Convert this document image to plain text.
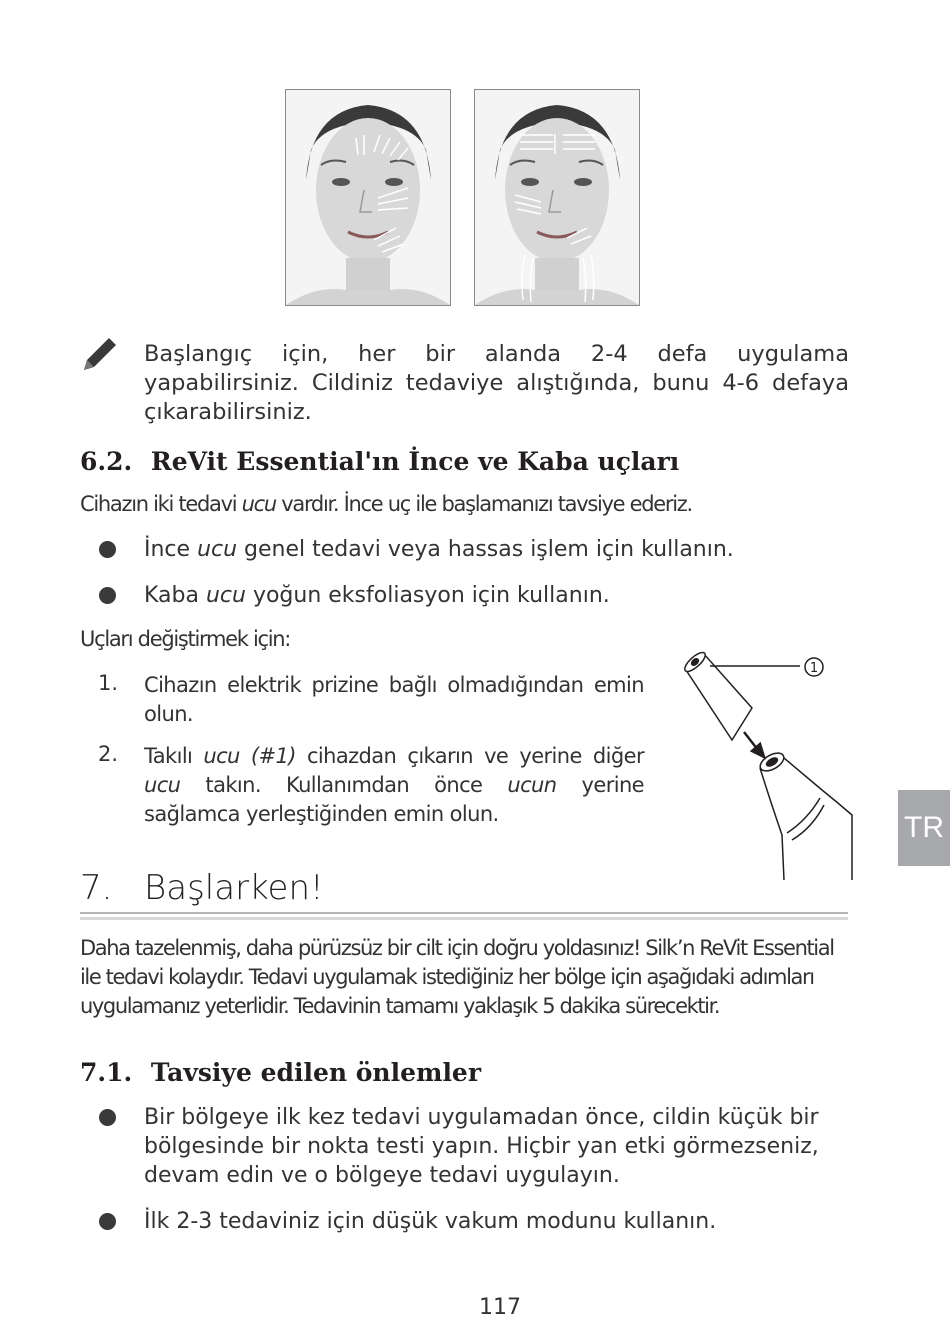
Başlangıç için, her bir alanda 2-4 defa uygulama yapabilirsiniz. Cildiniz tedaviye alıştığında, bunu 4-6 defaya çıkarabilirsiniz.
6.2. ReVit Essential'ın İnce ve Kaba uçları
Cihazın iki tedavi ucu vardır. İnce uç ile başlamanızı tavsiye ederiz.
İnce ucu genel tedavi veya hassas işlem için kullanın.
Kaba ucu yoğun eksfoliasyon için kullanın.
Uçları değiştirmek için:
1. Cihazın elektrik prizine bağlı olmadığından emin olun.
2. Takılı ucu (#1) cihazdan çıkarın ve yerine diğer ucu takın. Kullanımdan önce ucun yerine sağlamca yerleştiğinden emin olun.
1
TR
7. Başlarken!
Daha tazelenmiş, daha pürüzsüz bir cilt için doğru yoldasınız! Silk’n ReVit Essential ile tedavi kolaydır. Tedavi uygulamak istediğiniz her bölge için aşağıdaki adımları uygulamanız yeterlidir. Tedavinin tamamı yaklaşık 5 dakika sürecektir.
7.1. Tavsiye edilen önlemler
Bir bölgeye ilk kez tedavi uygulamadan önce, cildin küçük bir bölgesinde bir nokta testi yapın. Hiçbir yan etki görmezseniz, devam edin ve o bölgeye tedavi uygulayın.
İlk 2-3 tedaviniz için düşük vakum modunu kullanın.
117
